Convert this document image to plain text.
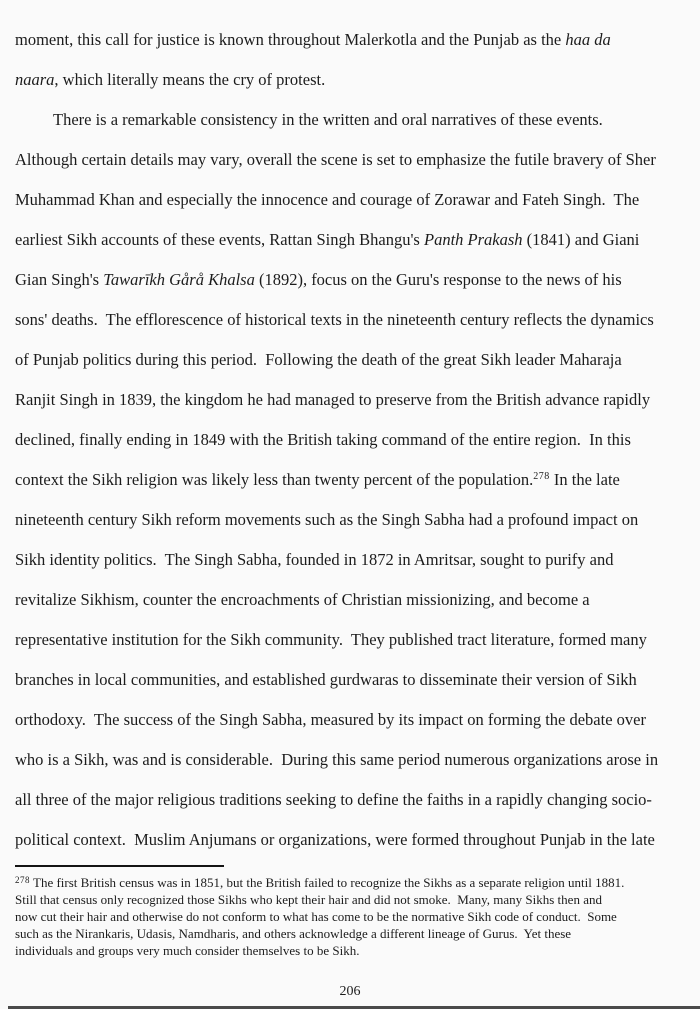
moment, this call for justice is known throughout Malerkotla and the Punjab as the haa da
naara, which literally means the cry of protest.
There is a remarkable consistency in the written and oral narratives of these events.
Although certain details may vary, overall the scene is set to emphasize the futile bravery of Sher
Muhammad Khan and especially the innocence and courage of Zorawar and Fateh Singh.  The
earliest Sikh accounts of these events, Rattan Singh Bhangu's Panth Prakash (1841) and Giani
Gian Singh's Tawarīkh Gårå Khalsa (1892), focus on the Guru's response to the news of his
sons' deaths.  The efflorescence of historical texts in the nineteenth century reflects the dynamics
of Punjab politics during this period.  Following the death of the great Sikh leader Maharaja
Ranjit Singh in 1839, the kingdom he had managed to preserve from the British advance rapidly
declined, finally ending in 1849 with the British taking command of the entire region.  In this
context the Sikh religion was likely less than twenty percent of the population.$^{278}$ In the late
nineteenth century Sikh reform movements such as the Singh Sabha had a profound impact on
Sikh identity politics.  The Singh Sabha, founded in 1872 in Amritsar, sought to purify and
revitalize Sikhism, counter the encroachments of Christian missionizing, and become a
representative institution for the Sikh community.  They published tract literature, formed many
branches in local communities, and established gurdwaras to disseminate their version of Sikh
orthodoxy.  The success of the Singh Sabha, measured by its impact on forming the debate over
who is a Sikh, was and is considerable.  During this same period numerous organizations arose in
all three of the major religious traditions seeking to define the faiths in a rapidly changing socio-
political context.  Muslim Anjumans or organizations, were formed throughout Punjab in the late
$^{278}$ The first British census was in 1851, but the British failed to recognize the Sikhs as a separate religion until 1881.
Still that census only recognized those Sikhs who kept their hair and did not smoke.  Many, many Sikhs then and
now cut their hair and otherwise do not conform to what has come to be the normative Sikh code of conduct.  Some
such as the Nirankaris, Udasis, Namdharis, and others acknowledge a different lineage of Gurus.  Yet these
individuals and groups very much consider themselves to be Sikh.
206
